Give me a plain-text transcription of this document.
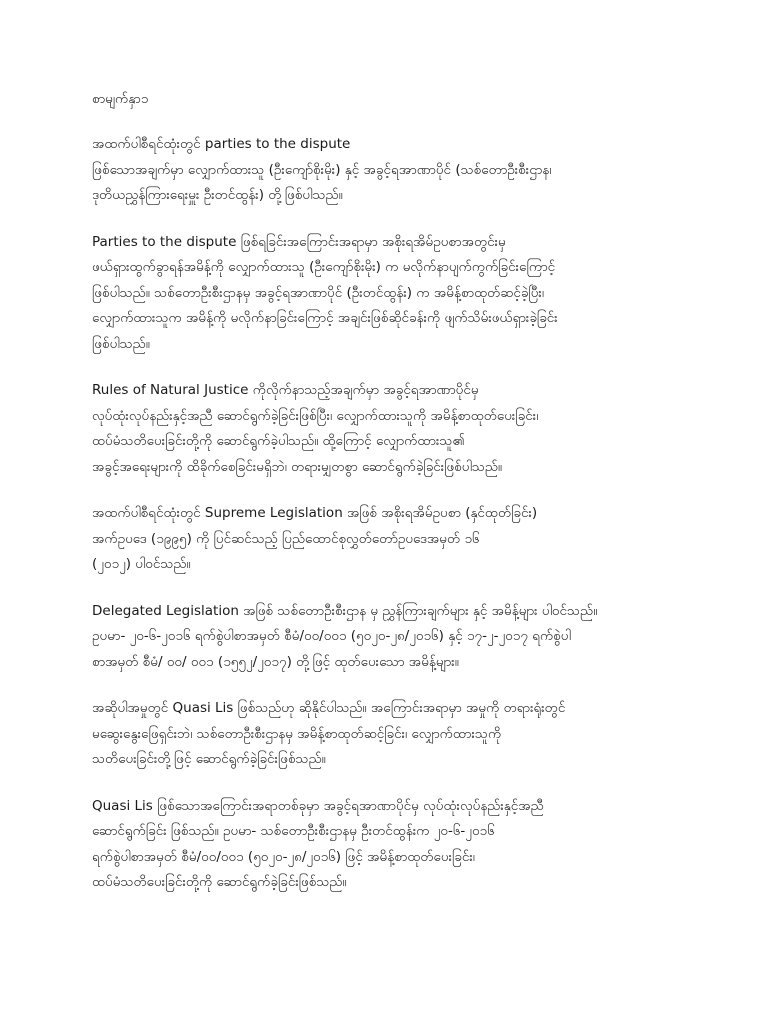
စာမျက်နှာ၁
အထက်ပါစီရင်ထုံးတွင် parties to the dispute
ဖြစ်သောအချက်မှာ လျှောက်ထားသူ (ဦးကျော်စိုးမိုး) နှင့် အခွင့်ရအာဏာပိုင် (သစ်တောဦးစီးဌာန၊
ဒုတိယညွှန်ကြားရေးမှူး ဦးတင်ထွန်း) တို့ဖြစ်ပါသည်။
Parties to the dispute ဖြစ်ရခြင်းအကြောင်းအရာမှာ အစိုးရအိမ်ဥပစာအတွင်းမှ
ဖယ်ရှားထွက်ခွာရန်အမိန့်ကို လျှောက်ထားသူ (ဦးကျော်စိုးမိုး) က မလိုက်နာပျက်ကွက်ခြင်းကြောင့်
ဖြစ်ပါသည်။ သစ်တောဦးစီးဌာနမှ အခွင့်ရအာဏာပိုင် (ဦးတင်ထွန်း) က အမိန့်စာထုတ်ဆင့်ခဲ့ပြီး၊
လျှောက်ထားသူက အမိန့်ကို မလိုက်နာခြင်းကြောင့် အချင်းဖြစ်ဆိုင်ခန်းကို ဖျက်သိမ်းဖယ်ရှားခဲ့ခြင်း
ဖြစ်ပါသည်။
Rules of Natural Justice ကိုလိုက်နာသည့်အချက်မှာ အခွင့်ရအာဏာပိုင်မှ
လုပ်ထုံးလုပ်နည်းနှင့်အညီ ဆောင်ရွက်ခဲ့ခြင်းဖြစ်ပြီး၊ လျှောက်ထားသူကို အမိန့်စာထုတ်ပေးခြင်း၊
ထပ်မံသတိပေးခြင်းတို့ကို ဆောင်ရွက်ခဲ့ပါသည်။ ထို့ကြောင့် လျှောက်ထားသူ၏
အခွင့်အရေးများကို ထိခိုက်စေခြင်းမရှိဘဲ၊ တရားမျှတစွာ ဆောင်ရွက်ခဲ့ခြင်းဖြစ်ပါသည်။
အထက်ပါစီရင်ထုံးတွင် Supreme Legislation အဖြစ် အစိုးရအိမ်ဥပစာ (နှင်ထုတ်ခြင်း)
အက်ဥပဒေ (၁၉၉၅) ကို ပြင်ဆင်သည့် ပြည်ထောင်စုလွှတ်တော်ဥပဒေအမှတ် ၁၆
(၂၀၁၂) ပါဝင်သည်။
Delegated Legislation အဖြစ် သစ်တောဦးစီးဌာန မှ ညွှန်ကြားချက်များ နှင့် အမိန့်များ ပါဝင်သည်။
ဥပမာ- ၂၀-၆-၂၀၁၆ ရက်စွဲပါစာအမှတ် စီမံ/၀ဝ/၀ဝ၁ (၅၀၂၀-၂၈/၂၀၁၆) နှင့် ၁၇-၂-၂၀၁၇ ရက်စွဲပါ
စာအမှတ် စီမံ/ ၀၀/ ၀၀၁ (၁၅၅၂/၂၀၁၇) တို့ဖြင့် ထုတ်ပေးသော အမိန့်များ။
အဆိုပါအမှုတွင် Quasi Lis ဖြစ်သည်ဟု ဆိုနိုင်ပါသည်။ အကြောင်းအရာမှာ အမှုကို တရားရုံးတွင်
မဆွေးနွေးဖြေရှင်းဘဲ၊ သစ်တောဦးစီးဌာနမှ အမိန့်စာထုတ်ဆင့်ခြင်း၊ လျှောက်ထားသူကို
သတိပေးခြင်းတို့ဖြင့် ဆောင်ရွက်ခဲ့ခြင်းဖြစ်သည်။
Quasi Lis ဖြစ်သောအကြောင်းအရာတစ်ခုမှာ အခွင့်ရအာဏာပိုင်မှ လုပ်ထုံးလုပ်နည်းနှင့်အညီ
ဆောင်ရွက်ခြင်း ဖြစ်သည်။ ဥပမာ- သစ်တောဦးစီးဌာနမှ ဦးတင်ထွန်းက ၂၀-၆-၂၀၁၆
ရက်စွဲပါစာအမှတ် စီမံ/၀၀/၀၀၁ (၅၀၂၀-၂၈/၂၀၁၆) ဖြင့် အမိန့်စာထုတ်ပေးခြင်း၊
ထပ်မံသတိပေးခြင်းတို့ကို ဆောင်ရွက်ခဲ့ခြင်းဖြစ်သည်။
